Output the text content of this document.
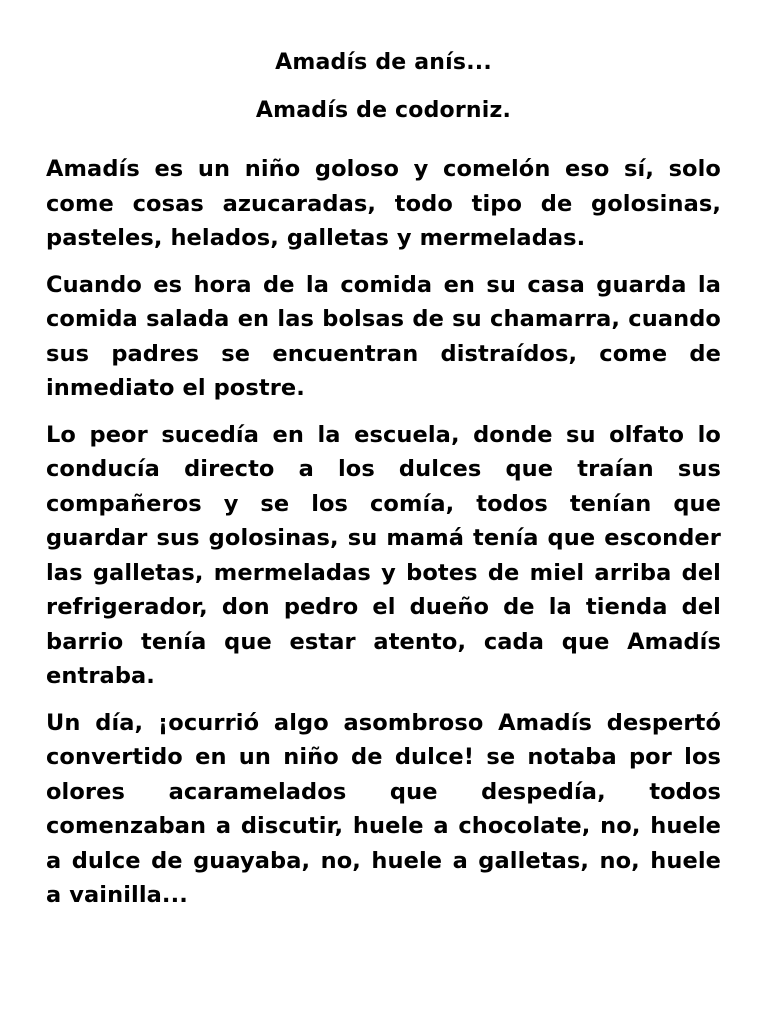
Amadís de anís...
Amadís de codorniz.

Amadís es un niño goloso y comelón eso sí, solo come cosas azucaradas, todo tipo de golosinas, pasteles, helados, galletas y mermeladas.

Cuando es hora de la comida en su casa guarda la comida salada en las bolsas de su chamarra, cuando sus padres se encuentran distraídos, come de inmediato el postre.

Lo peor sucedía en la escuela, donde su olfato lo conducía directo a los dulces que traían sus compañeros y se los comía, todos tenían que guardar sus golosinas, su mamá tenía que esconder las galletas, mermeladas y botes de miel arriba del refrigerador, don pedro el dueño de la tienda del barrio tenía que estar atento, cada que Amadís entraba.

Un día, ¡ocurrió algo asombroso Amadís despertó convertido en un niño de dulce! se notaba por los olores acaramelados que despedía, todos comenzaban a discutir, huele a chocolate, no, huele a dulce de guayaba, no, huele a galletas, no, huele a vainilla...
